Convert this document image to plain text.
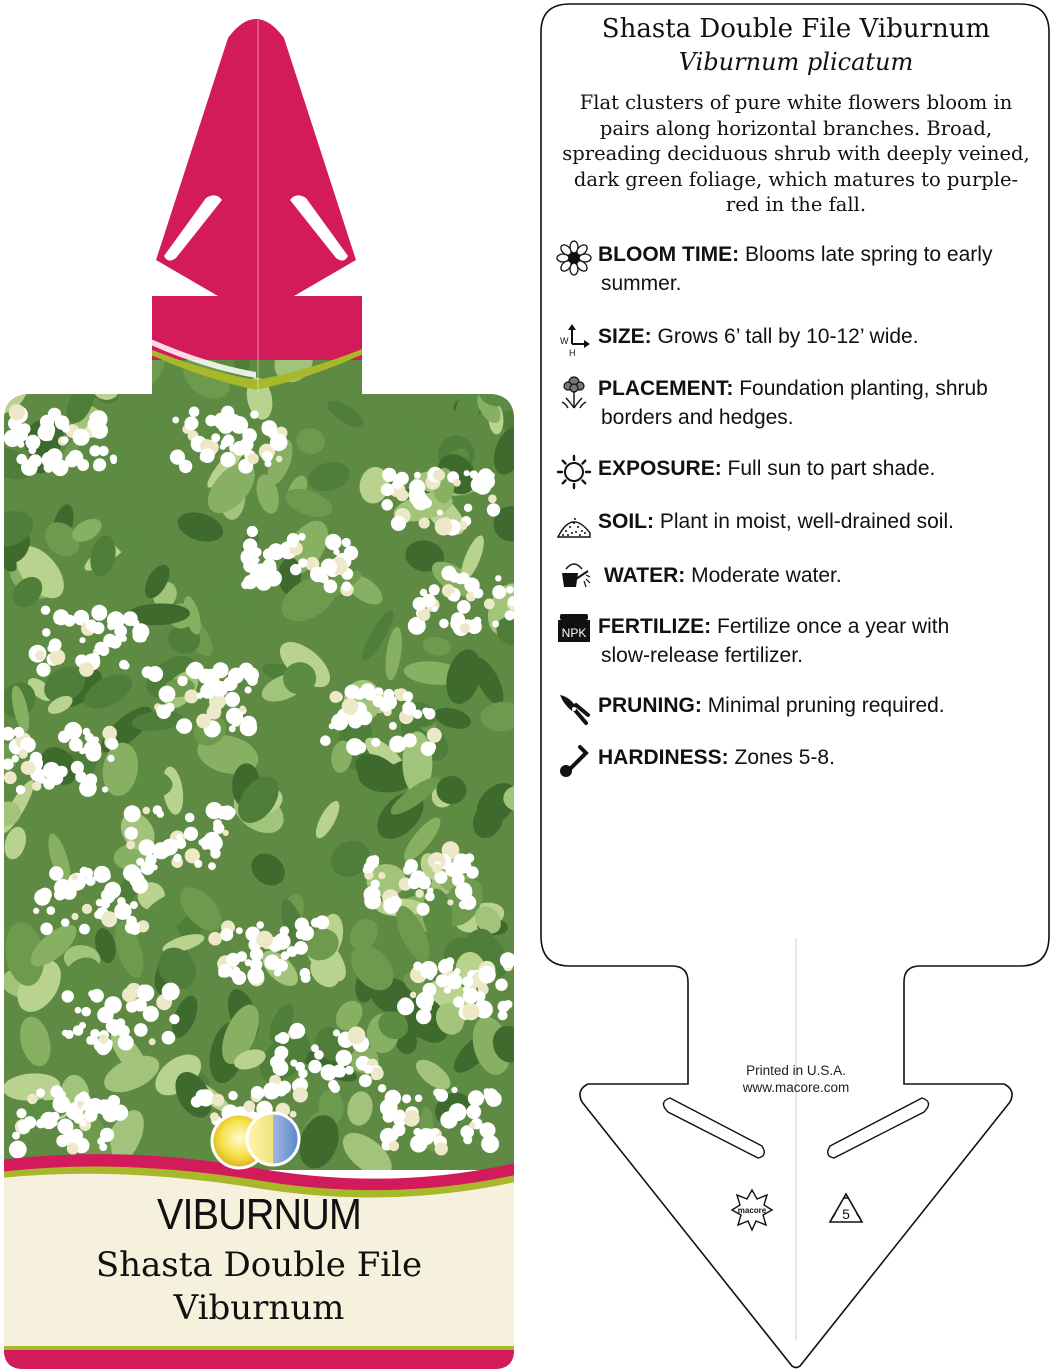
macore	5
VIBURNUM
Shasta Double File
Viburnum
Shasta Double File Viburnum
Viburnum plicatum
Flat clusters of pure white flowers bloom in pairs along horizontal branches. Broad, spreading deciduous shrub with deeply veined, dark green foliage, which matures to purple-red in the fall.
BLOOM TIME: Blooms late spring to early
summer.
W
H
SIZE: Grows 6’ tall by 10-12’ wide.
PLACEMENT: Foundation planting, shrub
borders and hedges.
EXPOSURE: Full sun to part shade.
SOIL: Plant in moist, well-drained soil.
WATER: Moderate water.
NPK FERTILIZE: Fertilize once a year with
slow-release fertilizer.
PRUNING: Minimal pruning required.
HARDINESS: Zones 5-8.
Printed in U.S.A.
www.macore.com
